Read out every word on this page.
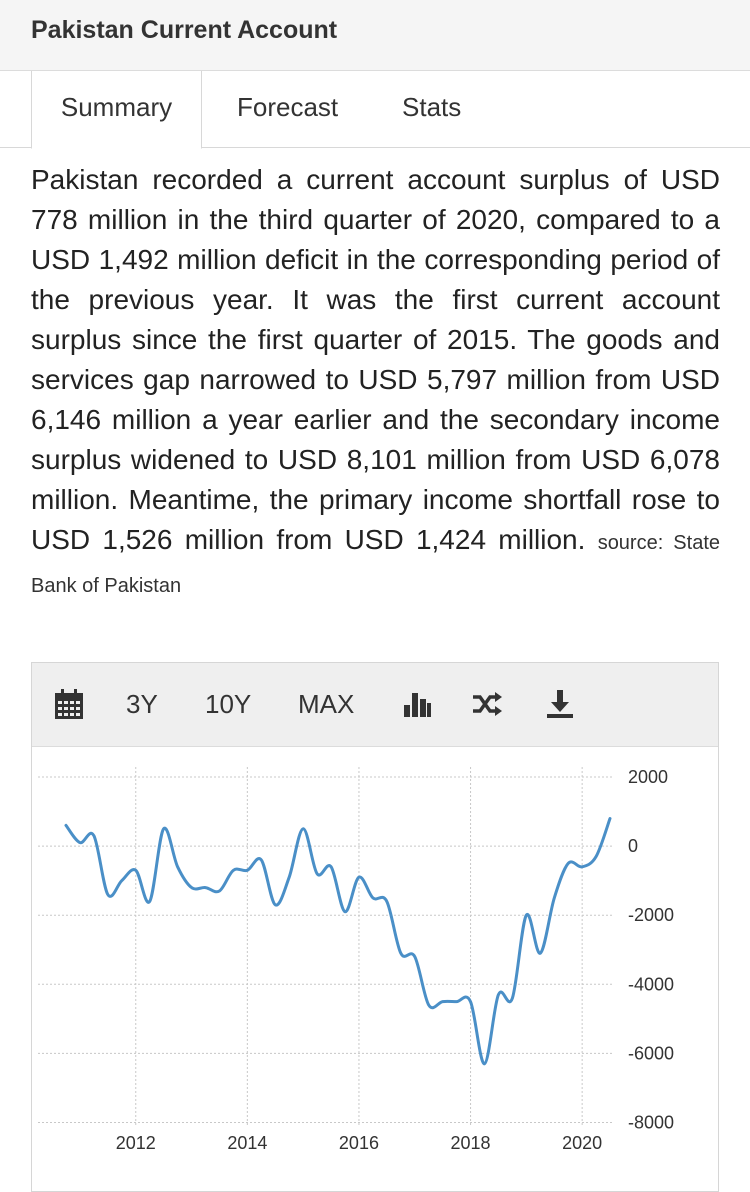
Pakistan Current Account
Summary	Forecast Stats
Pakistan recorded a current account surplus of USD 778 million in the third quarter of 2020, compared to a USD 1,492 million deficit in the corresponding period of the previous year. It was the first current account surplus since the first quarter of 2015. The goods and services gap narrowed to USD 5,797 million from USD 6,146 million a year earlier and the secondary income surplus widened to USD 8,101 million from USD 6,078 million. Meantime, the primary income shortfall rose to USD 1,526 million from USD 1,424 million. source: State Bank of Pakistan
3Y 10Y MAX
2000
0
-2000
-4000
-6000
-8000
2012	2014	2016	2018	2020
